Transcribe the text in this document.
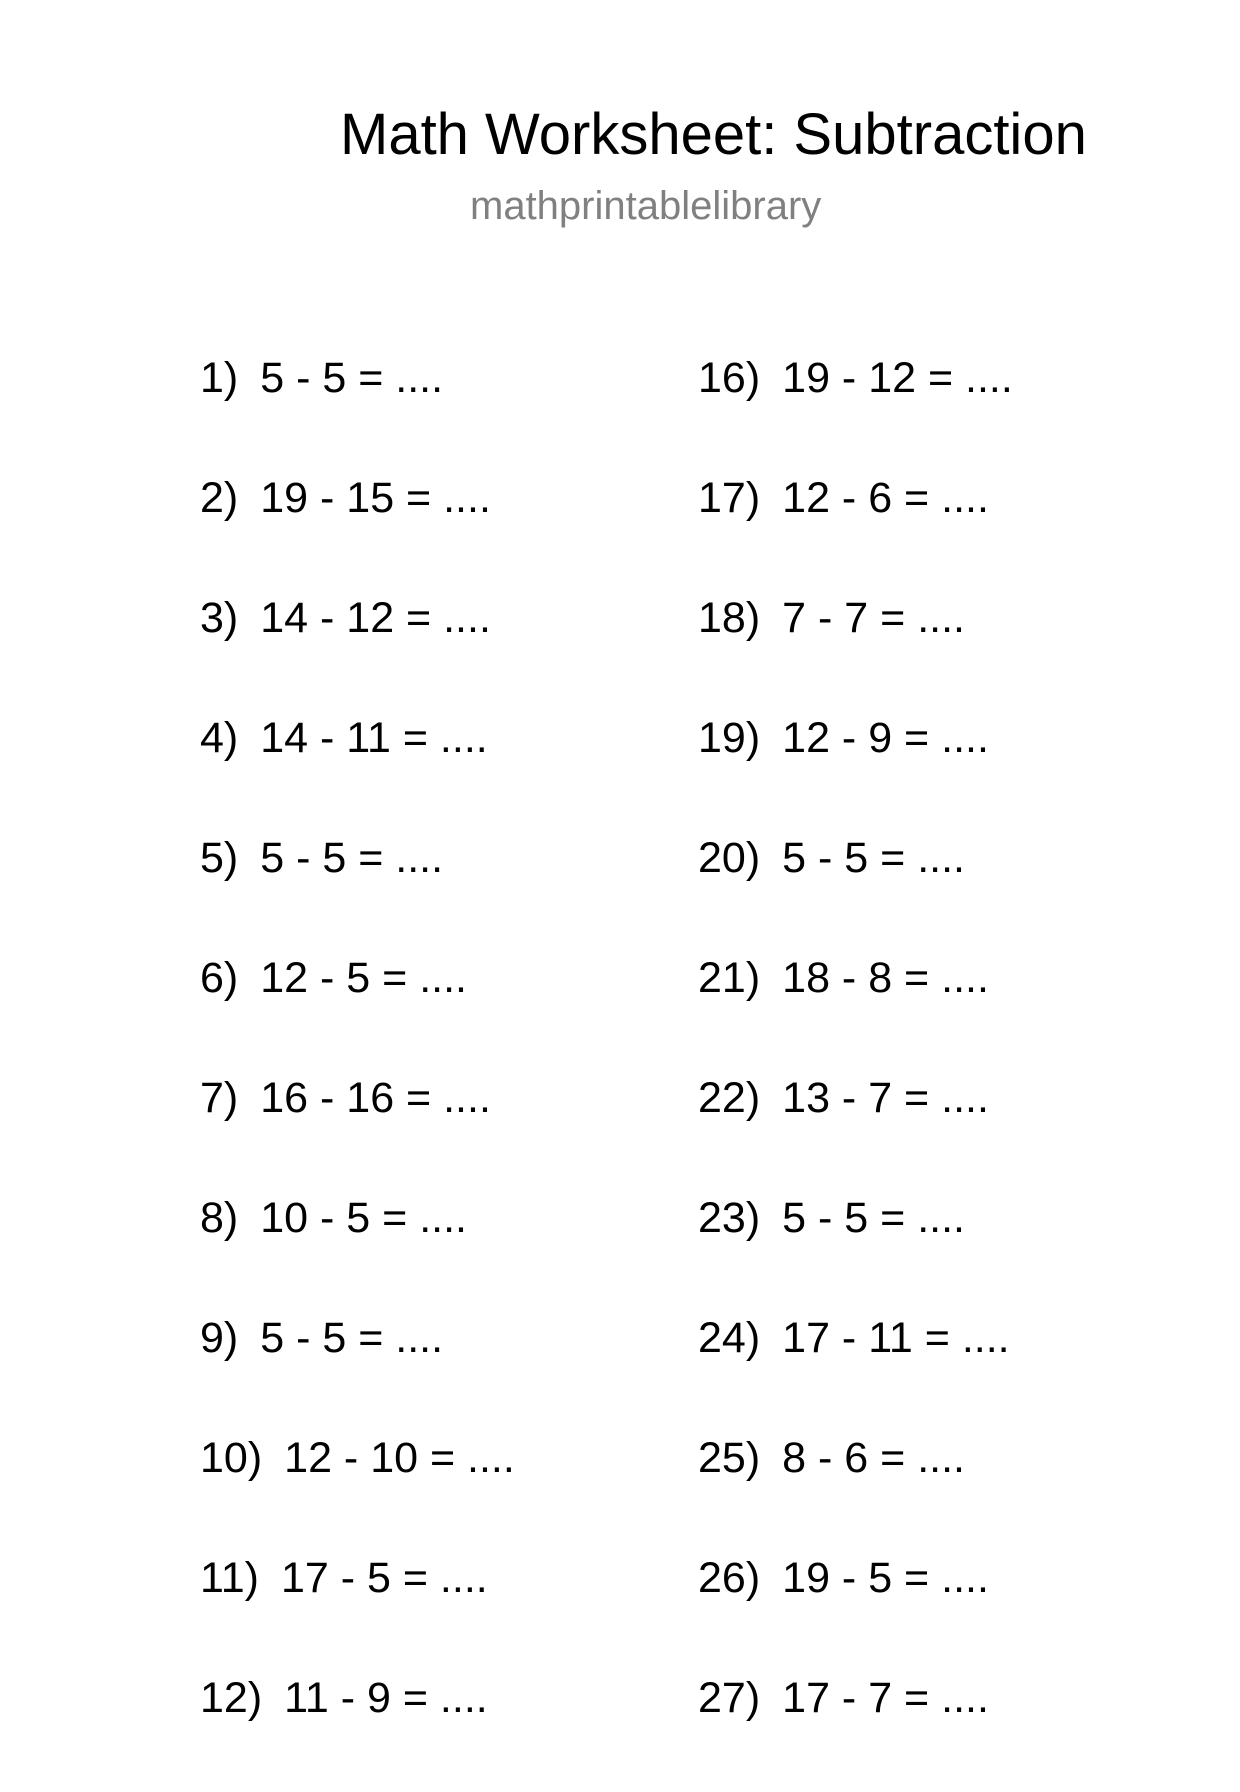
Math Worksheet: Subtraction
mathprintablelibrary
1) 5 - 5 = ....
2) 19 - 15 = ....
3) 14 - 12 = ....
4) 14 - 11 = ....
5) 5 - 5 = ....
6) 12 - 5 = ....
7) 16 - 16 = ....
8) 10 - 5 = ....
9) 5 - 5 = ....
10) 12 - 10 = ....
11) 17 - 5 = ....
12) 11 - 9 = ....
16) 19 - 12 = ....
17) 12 - 6 = ....
18) 7 - 7 = ....
19) 12 - 9 = ....
20) 5 - 5 = ....
21) 18 - 8 = ....
22) 13 - 7 = ....
23) 5 - 5 = ....
24) 17 - 11 = ....
25) 8 - 6 = ....
26) 19 - 5 = ....
27) 17 - 7 = ....
